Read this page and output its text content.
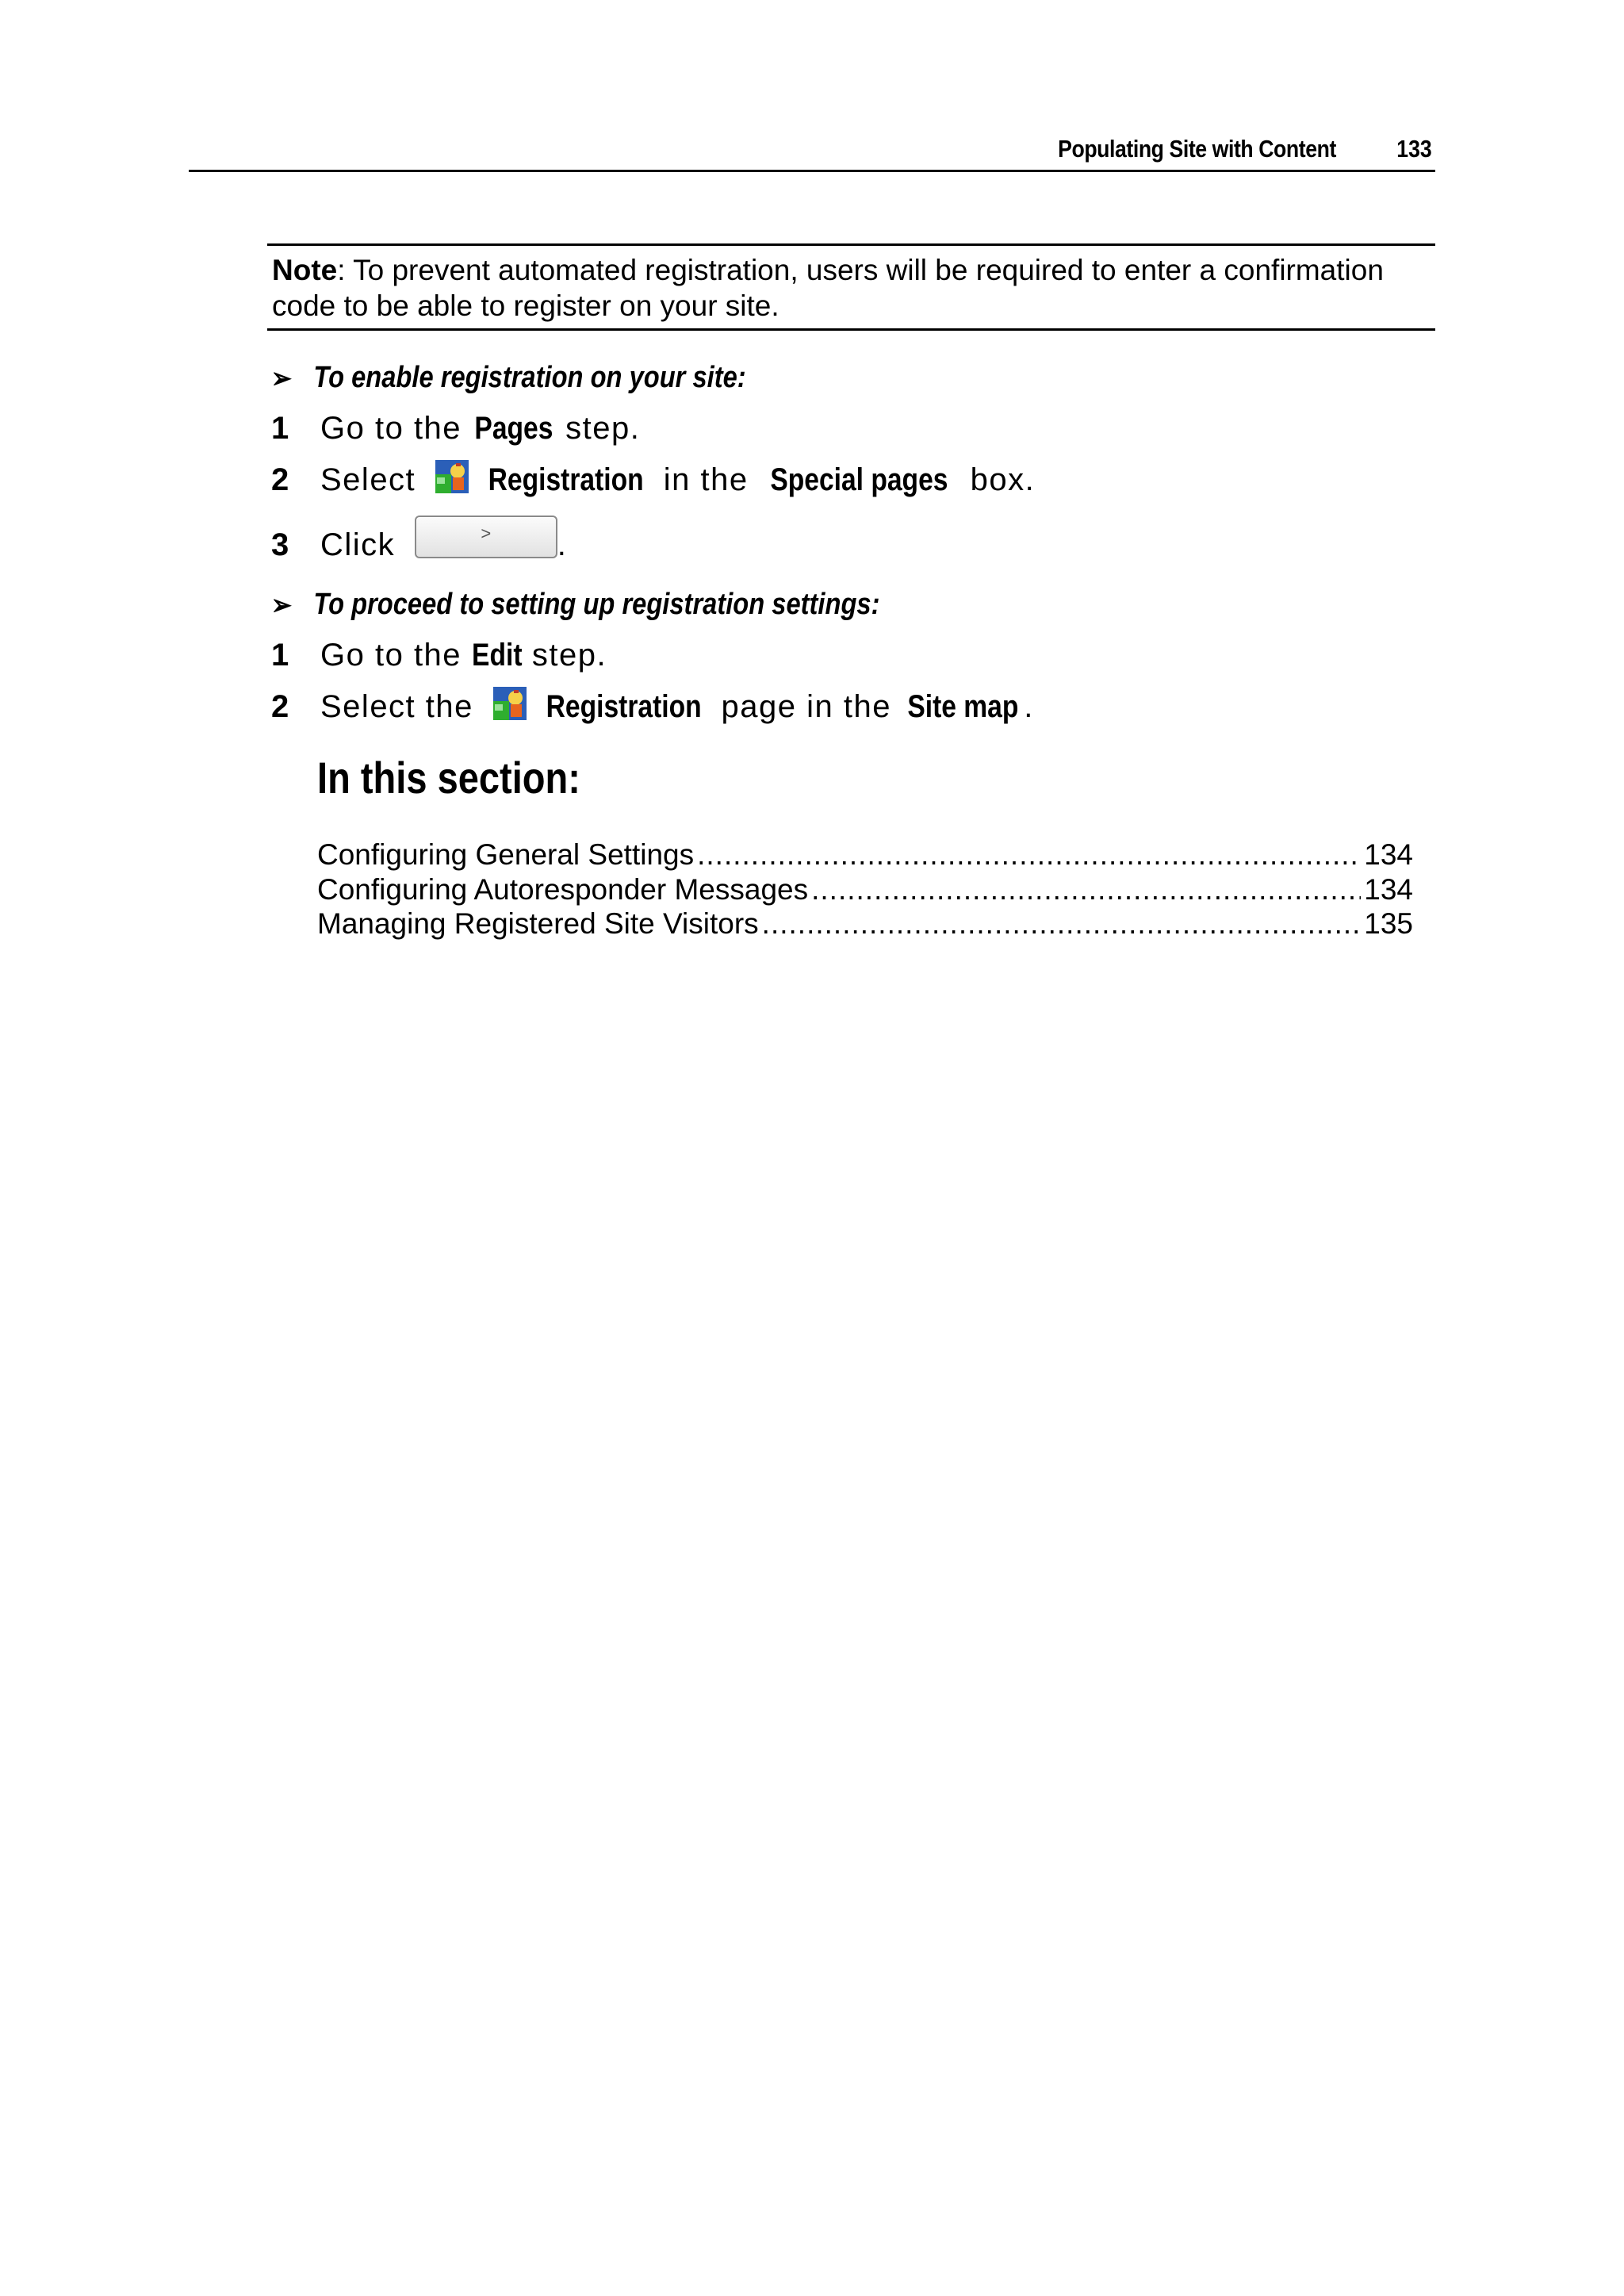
Populating Site with Content 133
Note: To prevent automated registration, users will be required to enter a confirmation code to be able to register on your site.
➢ To enable registration on your site:
1 Go to the Pages step.
2 Select Registration in the Special pages box.
3 Click	>	.
➢ To proceed to setting up registration settings:
1 Go to the Edit step.
2 Select the Registration page in the Site map .
In this section:
Configuring General Settings .....	134
Configuring Autoresponder Messages .....	134
Managing Registered Site Visitors .....	135
